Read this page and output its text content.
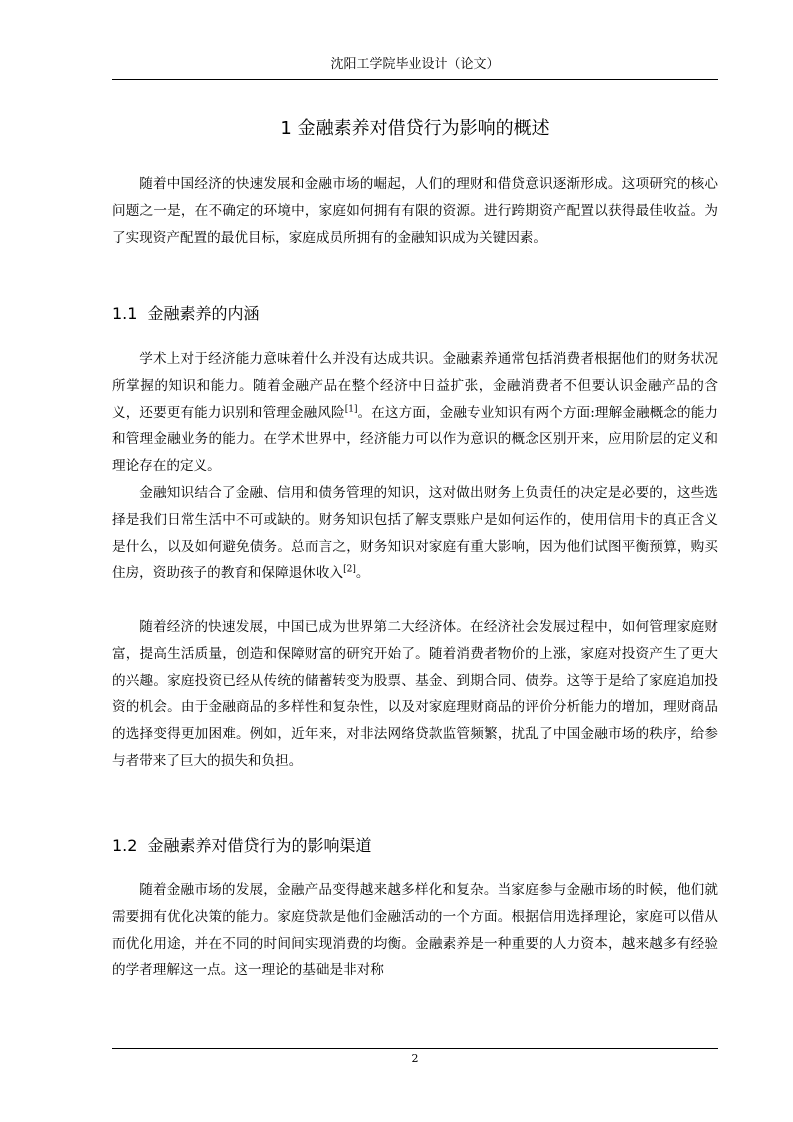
沈阳工学院毕业设计（论文）
1 金融素养对借贷行为影响的概述

随着中国经济的快速发展和金融市场的崛起，人们的理财和借贷意识逐渐形成。这项研究的核心问题之一是，在不确定的环境中，家庭如何拥有有限的资源。进行跨期资产配置以获得最佳收益。为了实现资产配置的最优目标，家庭成员所拥有的金融知识成为关键因素。

1.1 金融素养的内涵

学术上对于经济能力意味着什么并没有达成共识。金融素养通常包括消费者根据他们的财务状况所掌握的知识和能力。随着金融产品在整个经济中日益扩张，金融消费者不但要认识金融产品的含义，还要更有能力识别和管理金融风险[1]。在这方面，金融专业知识有两个方面:理解金融概念的能力和管理金融业务的能力。在学术世界中，经济能力可以作为意识的概念区别开来，应用阶层的定义和理论存在的定义。

金融知识结合了金融、信用和债务管理的知识，这对做出财务上负责任的决定是必要的，这些选择是我们日常生活中不可或缺的。财务知识包括了解支票账户是如何运作的，使用信用卡的真正含义是什么，以及如何避免债务。总而言之，财务知识对家庭有重大影响，因为他们试图平衡预算，购买住房，资助孩子的教育和保障退休收入[2]。

随着经济的快速发展，中国已成为世界第二大经济体。在经济社会发展过程中，如何管理家庭财富，提高生活质量，创造和保障财富的研究开始了。随着消费者物价的上涨，家庭对投资产生了更大的兴趣。家庭投资已经从传统的储蓄转变为股票、基金、到期合同、债券。这等于是给了家庭追加投资的机会。由于金融商品的多样性和复杂性，以及对家庭理财商品的评价分析能力的增加，理财商品的选择变得更加困难。例如，近年来，对非法网络贷款监管频繁，扰乱了中国金融市场的秩序，给参与者带来了巨大的损失和负担。

1.2 金融素养对借贷行为的影响渠道

随着金融市场的发展，金融产品变得越来越多样化和复杂。当家庭参与金融市场的时候，他们就需要拥有优化决策的能力。家庭贷款是他们金融活动的一个方面。根据信用选择理论，家庭可以借从而优化用途，并在不同的时间间实现消费的均衡。金融素养是一种重要的人力资本，越来越多有经验的学者理解这一点。这一理论的基础是非对称

2
